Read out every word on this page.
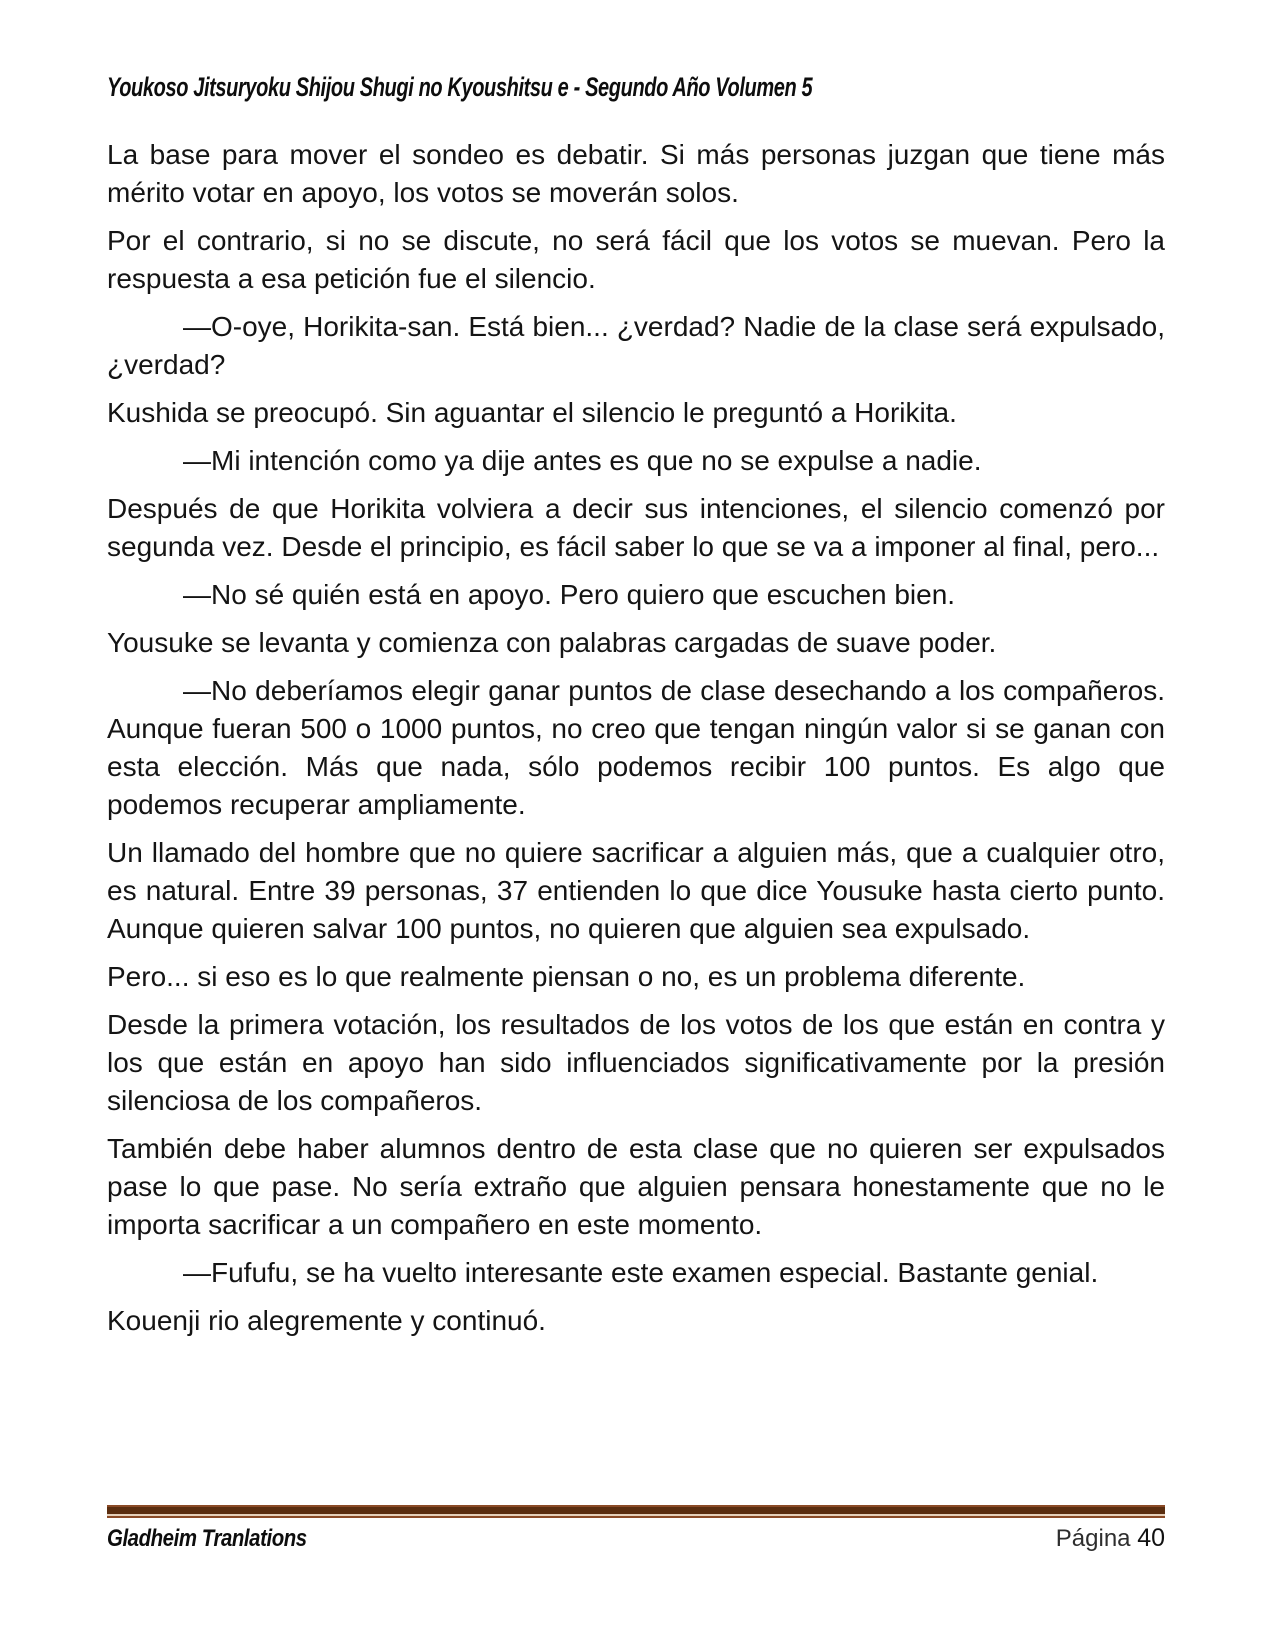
Youkoso Jitsuryoku Shijou Shugi no Kyoushitsu e - Segundo Año Volumen 5

La base para mover el sondeo es debatir. Si más personas juzgan que tiene más mérito votar en apoyo, los votos se moverán solos.

Por el contrario, si no se discute, no será fácil que los votos se muevan. Pero la respuesta a esa petición fue el silencio.

—O-oye, Horikita-san. Está bien... ¿verdad? Nadie de la clase será expulsado, ¿verdad?

Kushida se preocupó. Sin aguantar el silencio le preguntó a Horikita.

—Mi intención como ya dije antes es que no se expulse a nadie.

Después de que Horikita volviera a decir sus intenciones, el silencio comenzó por segunda vez. Desde el principio, es fácil saber lo que se va a imponer al final, pero...

—No sé quién está en apoyo. Pero quiero que escuchen bien.

Yousuke se levanta y comienza con palabras cargadas de suave poder.

—No deberíamos elegir ganar puntos de clase desechando a los compañeros. Aunque fueran 500 o 1000 puntos, no creo que tengan ningún valor si se ganan con esta elección. Más que nada, sólo podemos recibir 100 puntos. Es algo que podemos recuperar ampliamente.

Un llamado del hombre que no quiere sacrificar a alguien más, que a cualquier otro, es natural. Entre 39 personas, 37 entienden lo que dice Yousuke hasta cierto punto. Aunque quieren salvar 100 puntos, no quieren que alguien sea expulsado.

Pero... si eso es lo que realmente piensan o no, es un problema diferente.

Desde la primera votación, los resultados de los votos de los que están en contra y los que están en apoyo han sido influenciados significativamente por la presión silenciosa de los compañeros.

También debe haber alumnos dentro de esta clase que no quieren ser expulsados pase lo que pase. No sería extraño que alguien pensara honestamente que no le importa sacrificar a un compañero en este momento.

—Fufufu, se ha vuelto interesante este examen especial. Bastante genial.

Kouenji rio alegremente y continuó.

Gladheim Tranlations	Página 40
